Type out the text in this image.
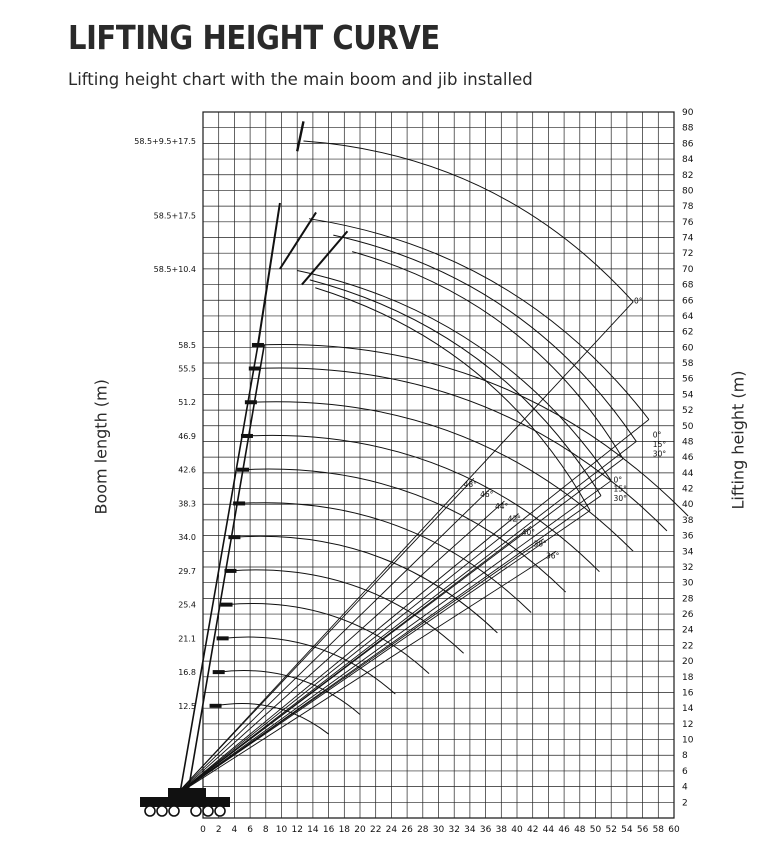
LIFTING HEIGHT CURVE
Lifting height chart with the main boom and jib installed
Boom length (m)	Lifting height (m)
0 2 4 6 8 10 12 14 16 18 20 22 24 26 28 30 32 34 36 38 40 42 44 46 48 50 52 54 56 58 60
2
4
6
8
10
12
14
16
18
20
22
24
26
28
30
32
34
36
38
40
42
44
46
48
50
52
54
56
58
60
62
64
66
68
70
72
74
76
78
80
82
84
86
88
90
12.5
16.8
21.1
25.4
29.7
34.0
38.3
42.6
46.9
51.2
55.5
58.5
58.5+10.4
58.5+17.5
58.5+9.5+17.5
0°
0°
15°
30°
0°
15°
30°
48°
46°
44°
42°
40°
38°
36°
